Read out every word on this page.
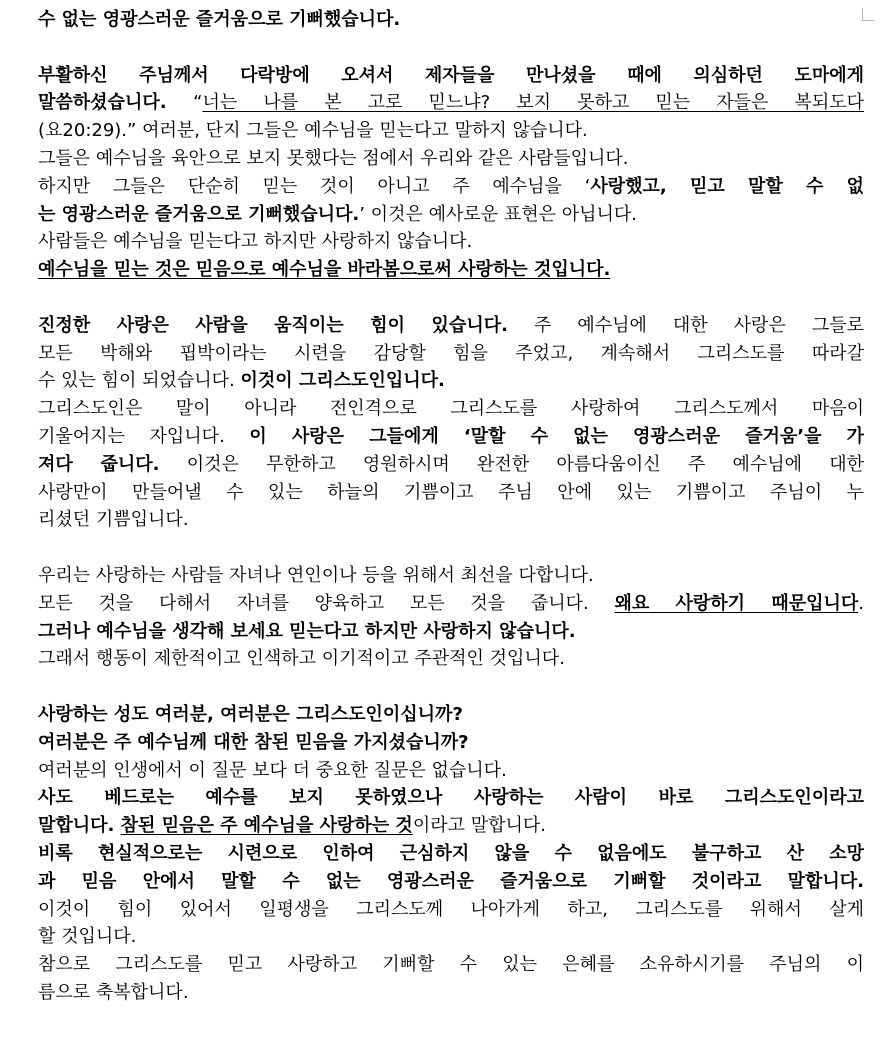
수 없는 영광스러운 즐거움으로 기뻐했습니다.
부활하신 주님께서 다락방에 오셔서 제자들을 만나셨을 때에 의심하던 도마에게
말씀하셨습니다. “너는 나를 본 고로 믿느냐? 보지 못하고 믿는 자들은 복되도다
(요20:29).” 여러분, 단지 그들은 예수님을 믿는다고 말하지 않습니다.
그들은 예수님을 육안으로 보지 못했다는 점에서 우리와 같은 사람들입니다.
하지만 그들은 단순히 믿는 것이 아니고 주 예수님을 ‘사랑했고, 믿고 말할 수 없
는 영광스러운 즐거움으로 기뻐했습니다.’ 이것은 예사로운 표현은 아닙니다.
사람들은 예수님을 믿는다고 하지만 사랑하지 않습니다.
예수님을 믿는 것은 믿음으로 예수님을 바라봄으로써 사랑하는 것입니다.
진정한 사랑은 사람을 움직이는 힘이 있습니다. 주 예수님에 대한 사랑은 그들로
모든 박해와 핍박이라는 시련을 감당할 힘을 주었고, 계속해서 그리스도를 따라갈
수 있는 힘이 되었습니다. 이것이 그리스도인입니다.
그리스도인은 말이 아니라 전인격으로 그리스도를 사랑하여 그리스도께서 마음이
기울어지는 자입니다. 이 사랑은 그들에게 ‘말할 수 없는 영광스러운 즐거움’을 가
져다 줍니다. 이것은 무한하고 영원하시며 완전한 아름다움이신 주 예수님에 대한
사랑만이 만들어낼 수 있는 하늘의 기쁨이고 주님 안에 있는 기쁨이고 주님이 누
리셨던 기쁨입니다.
우리는 사랑하는 사람들 자녀나 연인이나 등을 위해서 최선을 다합니다.
모든 것을 다해서 자녀를 양육하고 모든 것을 줍니다. 왜요 사랑하기 때문입니다.
그러나 예수님을 생각해 보세요 믿는다고 하지만 사랑하지 않습니다.
그래서 행동이 제한적이고 인색하고 이기적이고 주관적인 것입니다.
사랑하는 성도 여러분, 여러분은 그리스도인이십니까?
여러분은 주 예수님께 대한 참된 믿음을 가지셨습니까?
여러분의 인생에서 이 질문 보다 더 중요한 질문은 없습니다.
사도 베드로는 예수를 보지 못하였으나 사랑하는 사람이 바로 그리스도인이라고
말합니다. 참된 믿음은 주 예수님을 사랑하는 것이라고 말합니다.
비록 현실적으로는 시련으로 인하여 근심하지 않을 수 없음에도 불구하고 산 소망
과 믿음 안에서 말할 수 없는 영광스러운 즐거움으로 기뻐할 것이라고 말합니다.
이것이 힘이 있어서 일평생을 그리스도께 나아가게 하고, 그리스도를 위해서 살게
할 것입니다.
참으로 그리스도를 믿고 사랑하고 기뻐할 수 있는 은혜를 소유하시기를 주님의 이
름으로 축복합니다.
